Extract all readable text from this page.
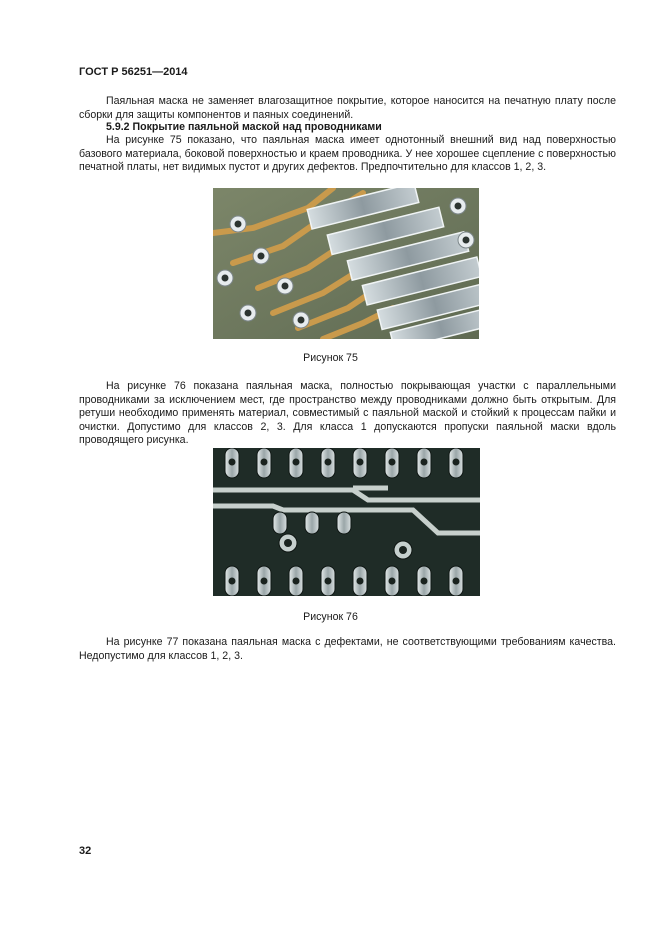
ГОСТ Р 56251—2014

Паяльная маска не заменяет влагозащитное покрытие, которое наносится на печатную плату после сборки для защиты компонентов и паяных соединений.

5.9.2 Покрытие паяльной маской над проводниками

На рисунке 75 показано, что паяльная маска имеет однотонный внешний вид над поверхностью базового материала, боковой поверхностью и краем проводника. У нее хорошее сцепление с поверхностью печатной платы, нет видимых пустот и других дефектов. Предпочтительно для классов 1, 2, 3.

Рисунок 75

На рисунке 76 показана паяльная маска, полностью покрывающая участки с параллельными проводниками за исключением мест, где пространство между проводниками должно быть открытым. Для ретуши необходимо применять материал, совместимый с паяльной маской и стойкий к процессам пайки и очистки. Допустимо для классов 2, 3. Для класса 1 допускаются пропуски паяльной маски вдоль проводящего рисунка.

Рисунок 76

На рисунке 77 показана паяльная маска с дефектами, не соответствующими требованиям качества. Недопустимо для классов 1, 2, 3.

32
